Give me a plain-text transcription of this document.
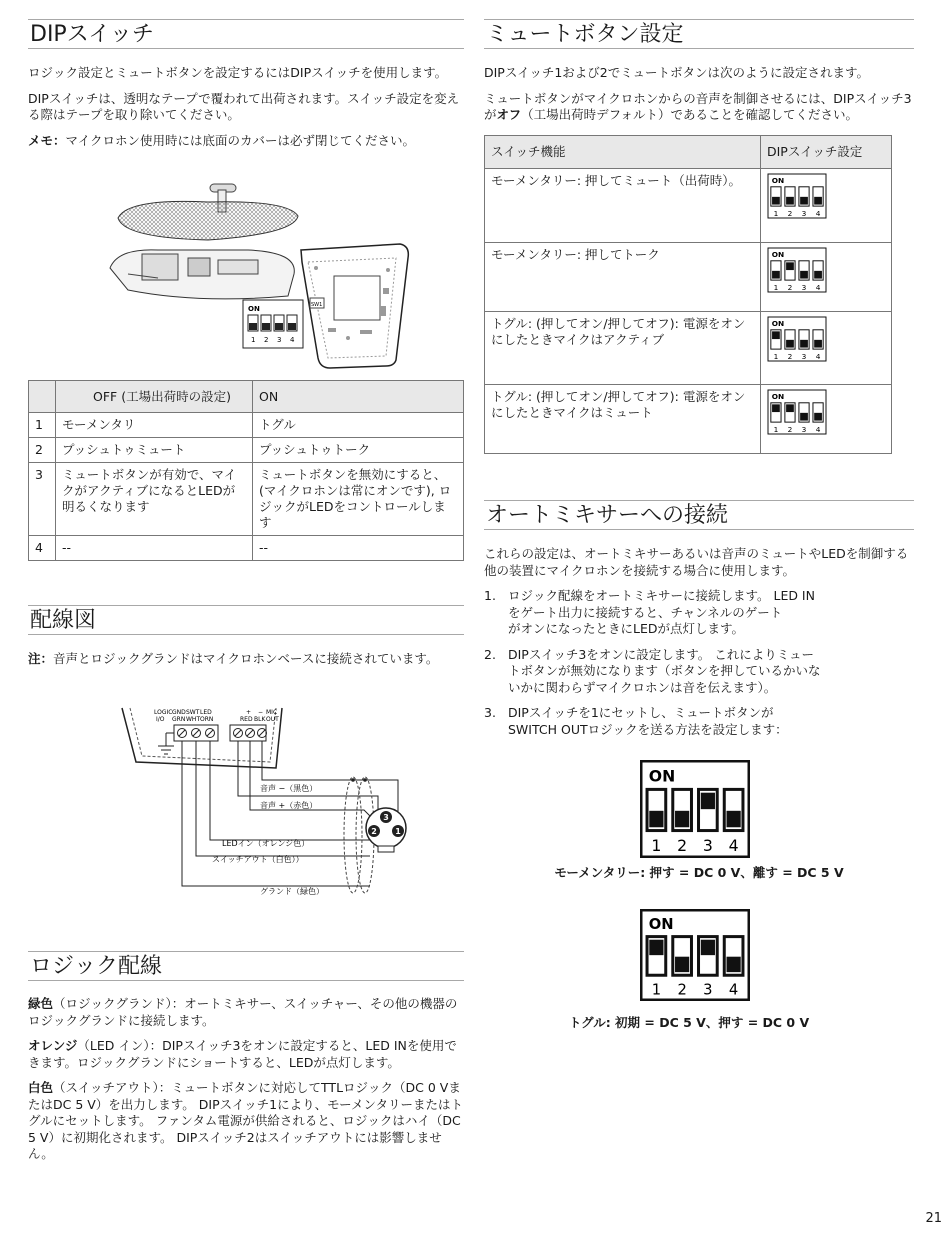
DIPスイッチ

ロジック設定とミュートボタンを設定するにはDIPスイッチを使用します。

DIPスイッチは、透明なテープで覆われて出荷されます。スイッチ設定を変える際はテープを取り除いてください。

メモ：マイクロホン使用時には底面のカバーは必ず閉じてください。

ON
1 2 3 4
SW1
	OFF (工場出荷時の設定)	ON
1	モーメンタリ	トグル
2	プッシュトゥミュート	プッシュトゥトーク
3	ミュートボタンが有効で、マイクがアクティブになるとLEDが明るくなります	ミュートボタンを無効にすると、(マイクロホンは常にオンです), ロジックがLEDをコントロールします
4	--	--
配線図

注：音声とロジックグランドはマイクロホンベースに接続されています。

LOGIC
I/O
GND
GRN
SWT
WHT
LED
ORN
+
RED
−
BLK
MIC
OUT
3
2 1
音声 −（黒色）
音声 +（赤色）
LEDイン（オレンジ色）
スイッチアウト（白色））
グランド（緑色）
ロジック配線

緑色（ロジックグランド）：オートミキサー、スイッチャー、その他の機器のロジックグランドに接続します。

オレンジ（LED イン）：DIPスイッチ3をオンに設定すると、LED INを使用できます。ロジックグランドにショートすると、LEDが点灯します。

白色（スイッチアウト）：ミュートボタンに対応してTTLロジック（DC 0 VまたはDC 5 V）を出力します。 DIPスイッチ1により、モーメンタリーまたはトグルにセットします。 ファンタム電源が供給されると、ロジックはハイ（DC 5 V）に初期化されます。 DIPスイッチ2はスイッチアウトには影響しません。

ミュートボタン設定

DIPスイッチ1および2でミュートボタンは次のように設定されます。

ミュートボタンがマイクロホンからの音声を制御させるには、DIPスイッチ3がオフ（工場出荷時デフォルト）であることを確認してください。

スイッチ機能	DIPスイッチ設定
モーメンタリー: 押してミュート（出荷時）。	ON
1 2 3 4

モーメンタリー: 押してトーク	ON
1 2 3 4

トグル: (押してオン/押してオフ): 電源をオンにしたときマイクはアクティブ	ON
1 2 3 4

トグル: (押してオン/押してオフ): 電源をオンにしたときマイクはミュート	ON
1 2 3 4
オートミキサーへの接続

これらの設定は、オートミキサーあるいは音声のミュートやLEDを制御する他の装置にマイクロホンを接続する場合に使用します。

1. ロジック配線をオートミキサーに接続します。 LED IN
をゲート出力に接続すると、チャンネルのゲート
がオンになったときにLEDが点灯します。
2. DIPスイッチ3をオンに設定します。 これによりミュー
トボタンが無効になります（ボタンを押しているかいな
いかに関わらずマイクロホンは音を伝えます）。
3. DIPスイッチを1にセットし、ミュートボタンが
SWITCH OUTロジックを送る方法を設定します：
ON
1 2 3 4
モーメンタリー: 押す = DC 0 V、離す = DC 5 V
ON
1 2 3 4
トグル: 初期 = DC 5 V、押す = DC 0 V
21
